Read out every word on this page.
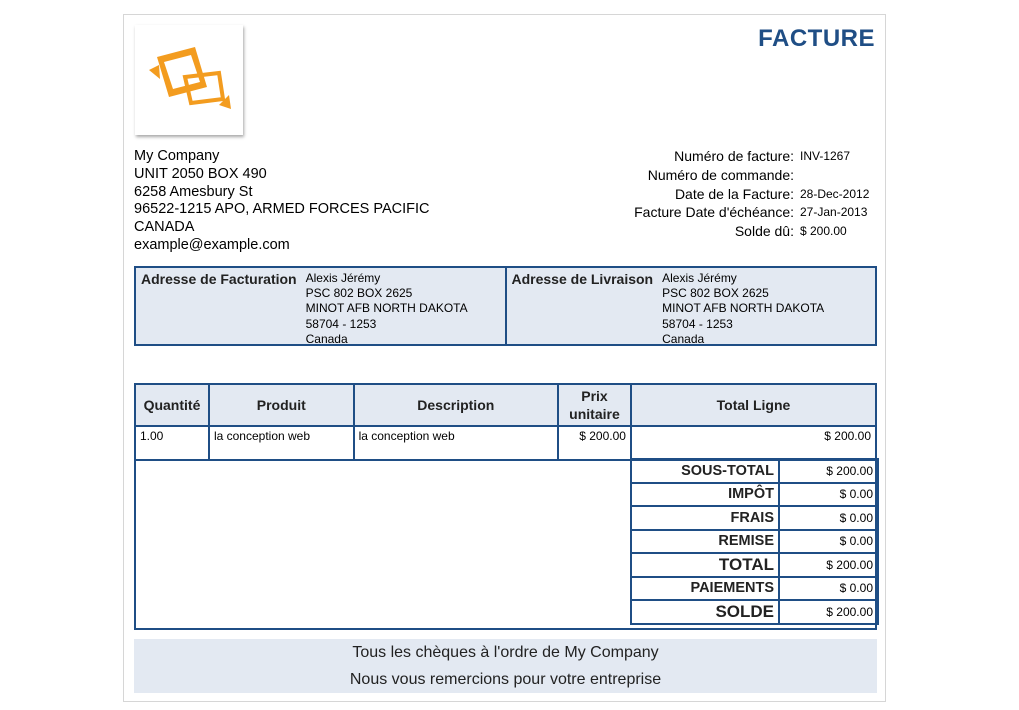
FACTURE
My Company
UNIT 2050 BOX 490
6258 Amesbury St
96522-1215 APO, ARMED FORCES PACIFIC
CANADA
example@example.com
Numéro de facture:	INV-1267
Numéro de commande:	
Date de la Facture:	28-Dec-2012
Facture Date d'échéance:	27-Jan-2013
Solde dû:	$ 200.00
Adresse de Facturation Alexis Jérémy
PSC 802 BOX 2625
MINOT AFB NORTH DAKOTA
58704 - 1253
Canada
Adresse de Livraison Alexis Jérémy
PSC 802 BOX 2625
MINOT AFB NORTH DAKOTA
58704 - 1253
Canada
Quantité	Produit	Description	Prix unitaire	Total Ligne
1.00	la conception web	la conception web	$ 200.00	$ 200.00
SOUS-TOTAL	$ 200.00
IMPÔT	$ 0.00
FRAIS	$ 0.00
REMISE	$ 0.00
TOTAL	$ 200.00
PAIEMENTS	$ 0.00
SOLDE	$ 200.00
Tous les chèques à l'ordre de My Company
Nous vous remercions pour votre entreprise
